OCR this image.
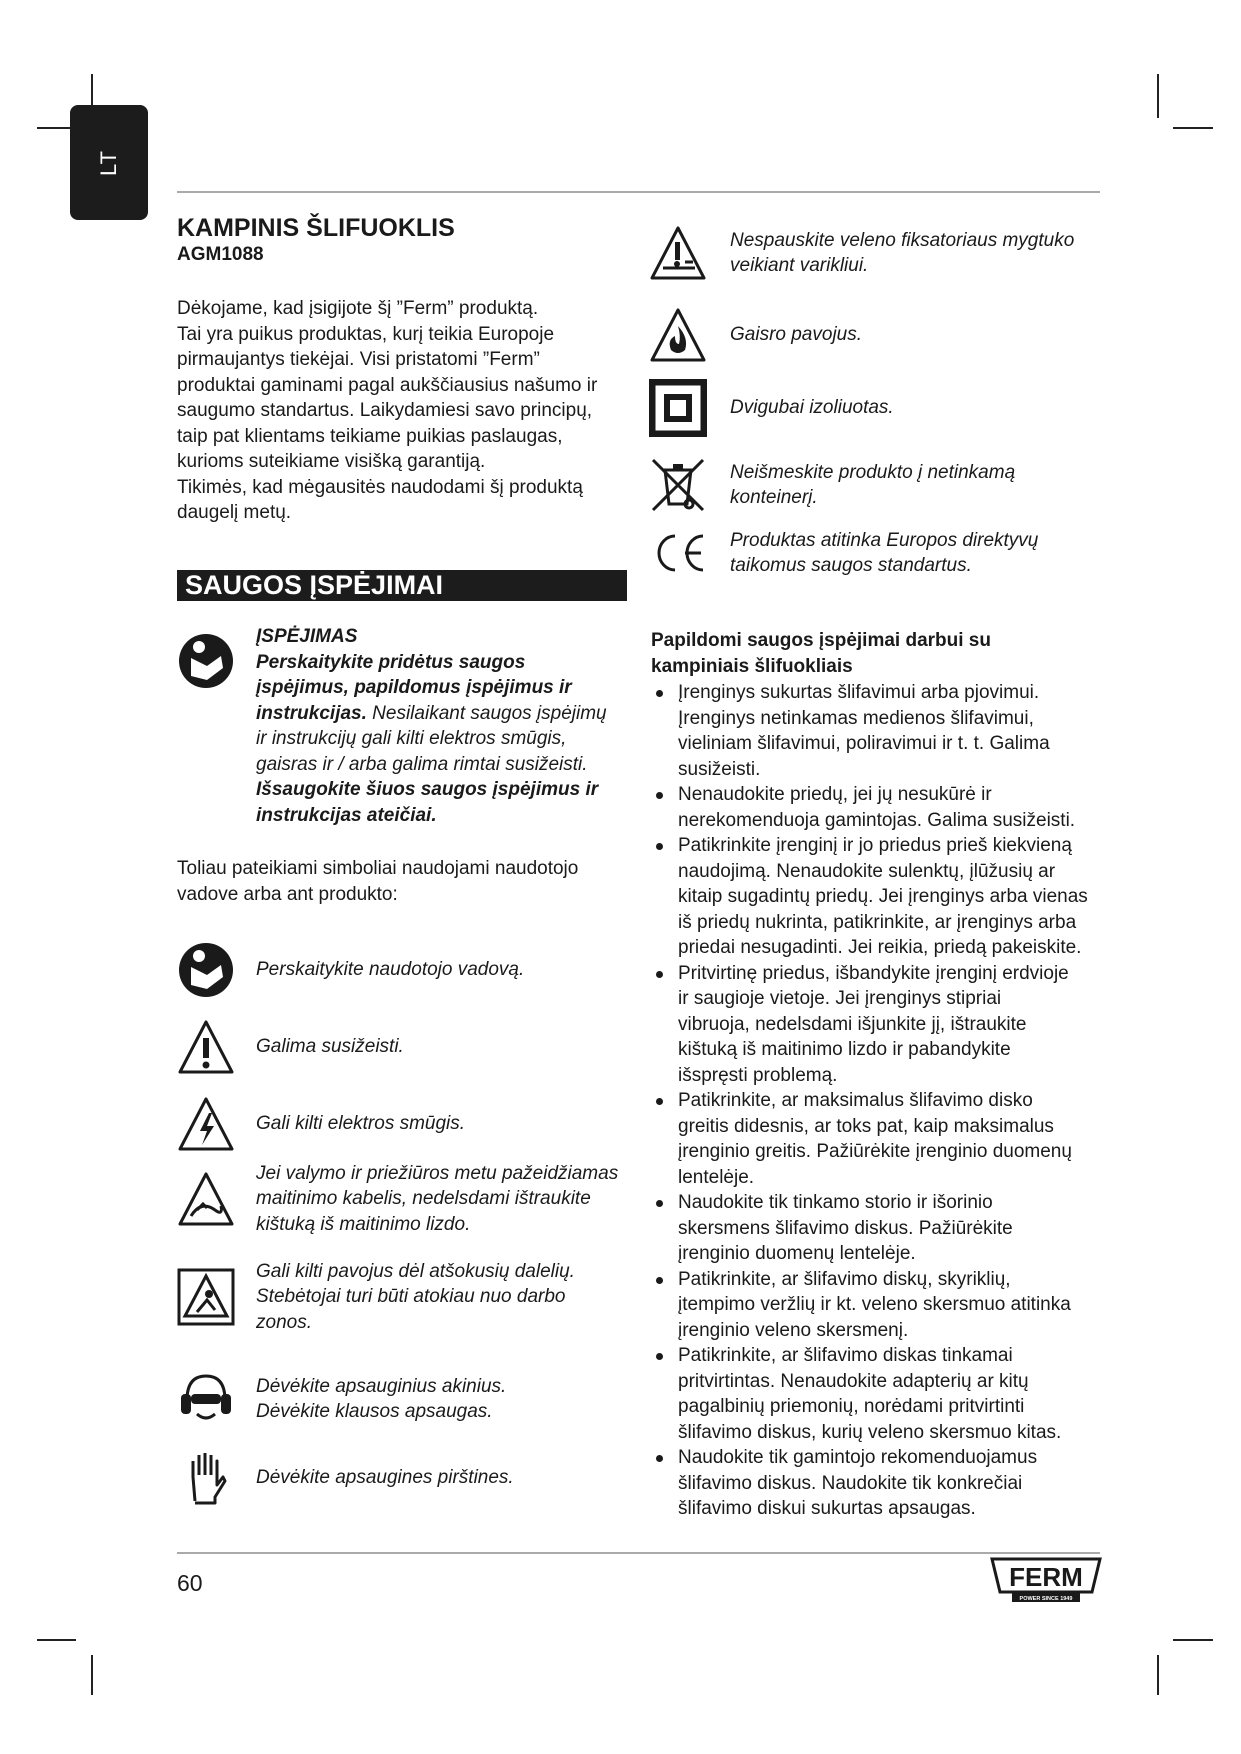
LT
KAMPINIS ŠLIFUOKLIS
AGM1088
Dėkojame, kad įsigijote šį ”Ferm” produktą.
Tai yra puikus produktas, kurį teikia Europoje
pirmaujantys tiekėjai. Visi pristatomi ”Ferm”
produktai gaminami pagal aukščiausius našumo ir
saugumo standartus. Laikydamiesi savo principų,
taip pat klientams teikiame puikias paslaugas,
kurioms suteikiame visišką garantiją.
Tikimės, kad mėgausitės naudodami šį produktą
daugelį metų.
SAUGOS ĮSPĖJIMAI
ĮSPĖJIMAS
Perskaitykite pridėtus saugos
įspėjimus, papildomus įspėjimus ir
instrukcijas. Nesilaikant saugos įspėjimų
ir instrukcijų gali kilti elektros smūgis,
gaisras ir / arba galima rimtai susižeisti.
Išsaugokite šiuos saugos įspėjimus ir
instrukcijas ateičiai.
Toliau pateikiami simboliai naudojami naudotojo
vadove arba ant produkto:
Perskaitykite naudotojo vadovą.
Galima susižeisti.
Gali kilti elektros smūgis.
Jei valymo ir priežiūros metu pažeidžiamas
maitinimo kabelis, nedelsdami ištraukite
kištuką iš maitinimo lizdo.
Gali kilti pavojus dėl atšokusių dalelių.
Stebėtojai turi būti atokiau nuo darbo
zonos.
Dėvėkite apsauginius akinius.
Dėvėkite klausos apsaugas.
Dėvėkite apsaugines pirštines.
Nespauskite veleno fiksatoriaus mygtuko
veikiant varikliui.
Gaisro pavojus.
Dvigubai izoliuotas.
Neišmeskite produkto į netinkamą
konteinerį.
Produktas atitinka Europos direktyvų
taikomus saugos standartus.
Papildomi saugos įspėjimai darbui su
kampiniais šlifuokliais
Įrenginys sukurtas šlifavimui arba pjovimui.
Įrenginys netinkamas medienos šlifavimui,
vieliniam šlifavimui, poliravimui ir t. t. Galima
susižeisti.
Nenaudokite priedų, jei jų nesukūrė ir
nerekomenduoja gamintojas. Galima susižeisti.
Patikrinkite įrenginį ir jo priedus prieš kiekvieną
naudojimą. Nenaudokite sulenktų, įlūžusių ar
kitaip sugadintų priedų. Jei įrenginys arba vienas
iš priedų nukrinta, patikrinkite, ar įrenginys arba
priedai nesugadinti. Jei reikia, priedą pakeiskite.
Pritvirtinę priedus, išbandykite įrenginį erdvioje
ir saugioje vietoje. Jei įrenginys stipriai
vibruoja, nedelsdami išjunkite jį, ištraukite
kištuką iš maitinimo lizdo ir pabandykite
išspręsti problemą.
Patikrinkite, ar maksimalus šlifavimo disko
greitis didesnis, ar toks pat, kaip maksimalus
įrenginio greitis. Pažiūrėkite įrenginio duomenų
lentelėje.
Naudokite tik tinkamo storio ir išorinio
skersmens šlifavimo diskus. Pažiūrėkite
įrenginio duomenų lentelėje.
Patikrinkite, ar šlifavimo diskų, skyriklių,
įtempimo veržlių ir kt. veleno skersmuo atitinka
įrenginio veleno skersmenį.
Patikrinkite, ar šlifavimo diskas tinkamai
pritvirtintas. Nenaudokite adapterių ar kitų
pagalbinių priemonių, norėdami pritvirtinti
šlifavimo diskus, kurių veleno skersmuo kitas.
Naudokite tik gamintojo rekomenduojamus
šlifavimo diskus. Naudokite tik konkrečiai
šlifavimo diskui sukurtas apsaugas.
60	FERM
POWER SINCE 1949
